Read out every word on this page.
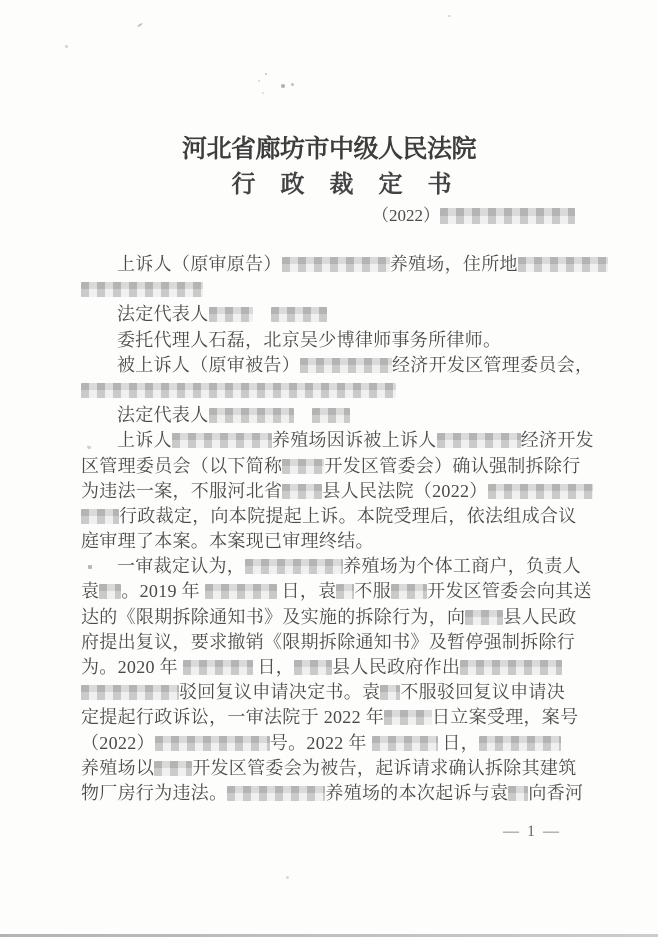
河北省廊坊市中级人民法院
行政裁定书
（2022）
上诉人（原审原告）	养殖场，住所地
法定代表人　
委托代理人石磊，北京吴少博律师事务所律师。
被上诉人（原审被告）	经济开发区管理委员会，
法定代表人　
上诉人	养殖场因诉被上诉人	经济开发
区管理委员会（以下简称 开发区管委会）确认强制拆除行
为违法一案，不服河北省 县人民法院（2022）
行政裁定，向本院提起上诉。本院受理后，依法组成合议
庭审理了本案。本案现已审理终结。
一审裁定认为，	养殖场为个体工商户，负责人
袁 。2019 年	日，袁 不服 开发区管委会向其送
达的《限期拆除通知书》及实施的拆除行为，向 县人民政
府提出复议，要求撤销《限期拆除通知书》及暂停强制拆除行
为。2020 年	日， 县人民政府作出
驳回复议申请决定书。袁 不服驳回复议申请决
定提起行政诉讼，一审法院于 2022 年	日立案受理，案号
（2022）	号。2022 年	日，
养殖场以 开发区管委会为被告，起诉请求确认拆除其建筑
物厂房行为违法。	养殖场的本次起诉与袁 向香河
— 1 —
